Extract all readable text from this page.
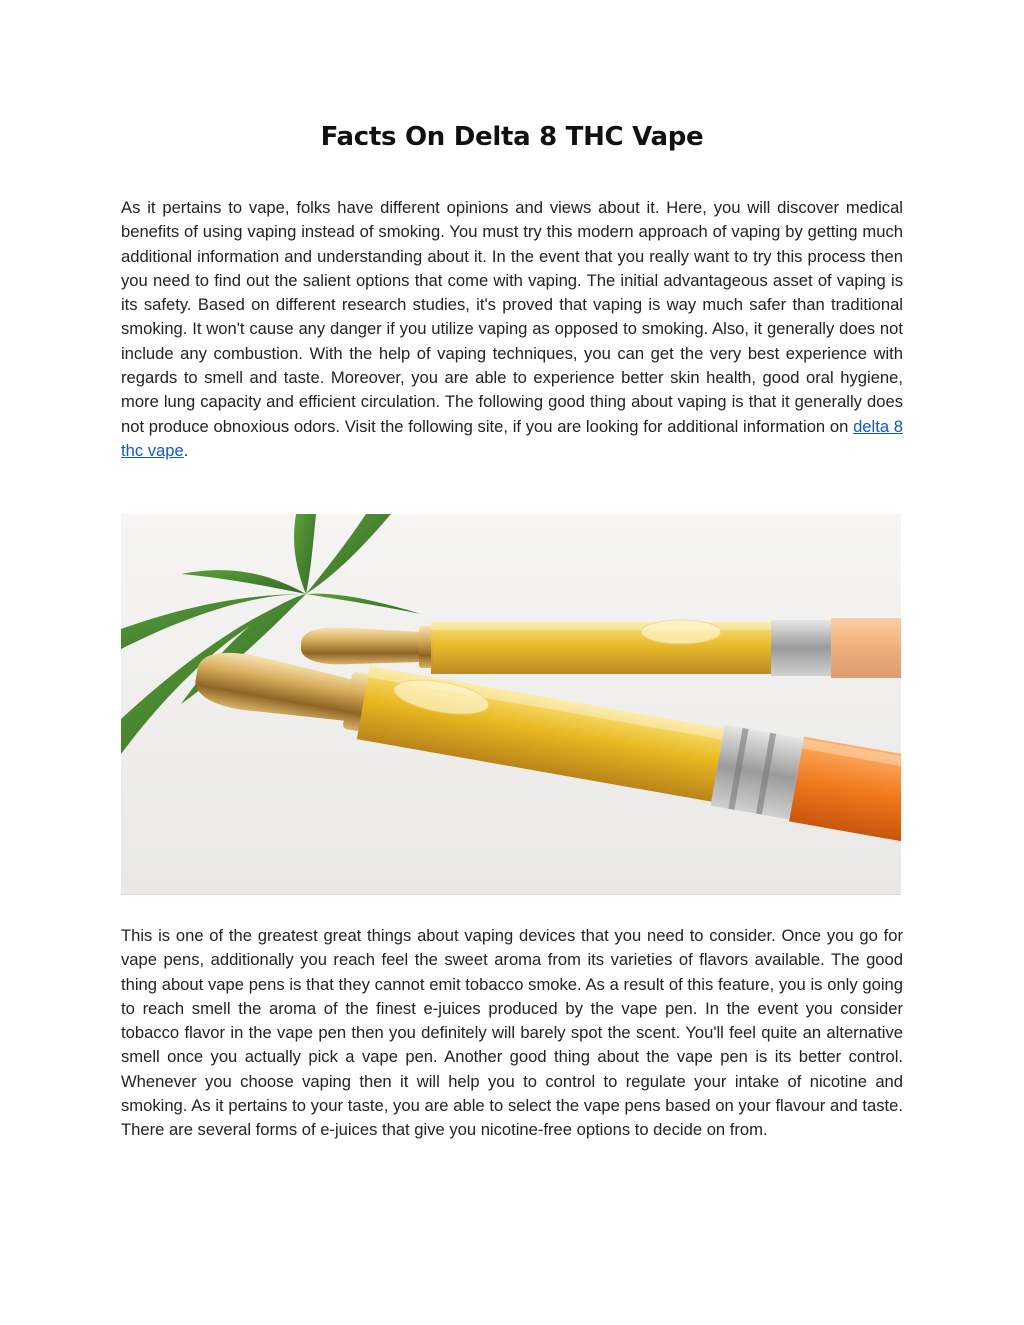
Facts On Delta 8 THC Vape

As it pertains to vape, folks have different opinions and views about it. Here, you will discover medical benefits of using vaping instead of smoking. You must try this modern approach of vaping by getting much additional information and understanding about it. In the event that you really want to try this process then you need to find out the salient options that come with vaping. The initial advantageous asset of vaping is its safety. Based on different research studies, it's proved that vaping is way much safer than traditional smoking. It won't cause any danger if you utilize vaping as opposed to smoking. Also, it generally does not include any combustion. With the help of vaping techniques, you can get the very best experience with regards to smell and taste. Moreover, you are able to experience better skin health, good oral hygiene, more lung capacity and efficient circulation. The following good thing about vaping is that it generally does not produce obnoxious odors. Visit the following site, if you are looking for additional information on delta 8 thc vape.

This is one of the greatest great things about vaping devices that you need to consider. Once you go for vape pens, additionally you reach feel the sweet aroma from its varieties of flavors available. The good thing about vape pens is that they cannot emit tobacco smoke. As a result of this feature, you is only going to reach smell the aroma of the finest e-juices produced by the vape pen. In the event you consider tobacco flavor in the vape pen then you definitely will barely spot the scent. You'll feel quite an alternative smell once you actually pick a vape pen. Another good thing about the vape pen is its better control. Whenever you choose vaping then it will help you to control to regulate your intake of nicotine and smoking. As it pertains to your taste, you are able to select the vape pens based on your flavour and taste. There are several forms of e-juices that give you nicotine-free options to decide on from.
